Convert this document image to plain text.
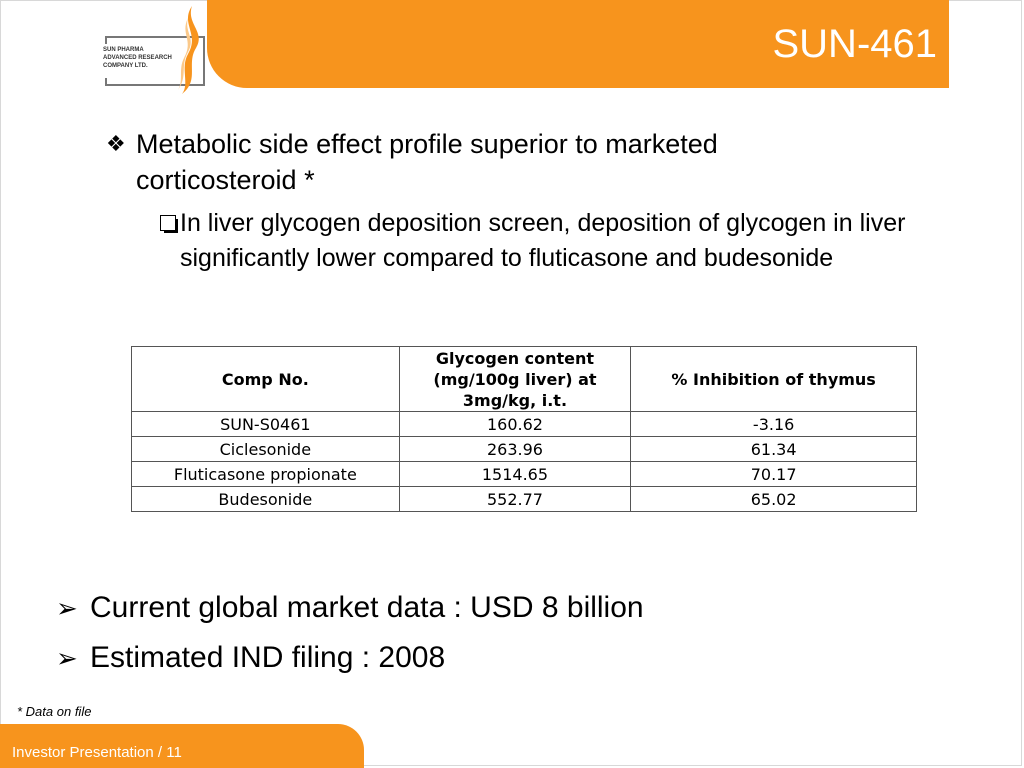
SUN-461
SUN PHARMA
ADVANCED RESEARCH
COMPANY LTD.
❖ Metabolic side effect profile superior to marketed corticosteroid *
In liver glycogen deposition screen, deposition of glycogen in liver significantly lower compared to fluticasone and budesonide
Comp No.	Glycogen content (mg/100g liver) at 3mg/kg, i.t.	% Inhibition of thymus
SUN-S0461	160.62	-3.16
Ciclesonide	263.96	61.34
Fluticasone propionate	1514.65	70.17
Budesonide	552.77	65.02
➢ Current global market data : USD 8 billion
➢ Estimated IND filing : 2008
* Data on file
Investor Presentation / 11
